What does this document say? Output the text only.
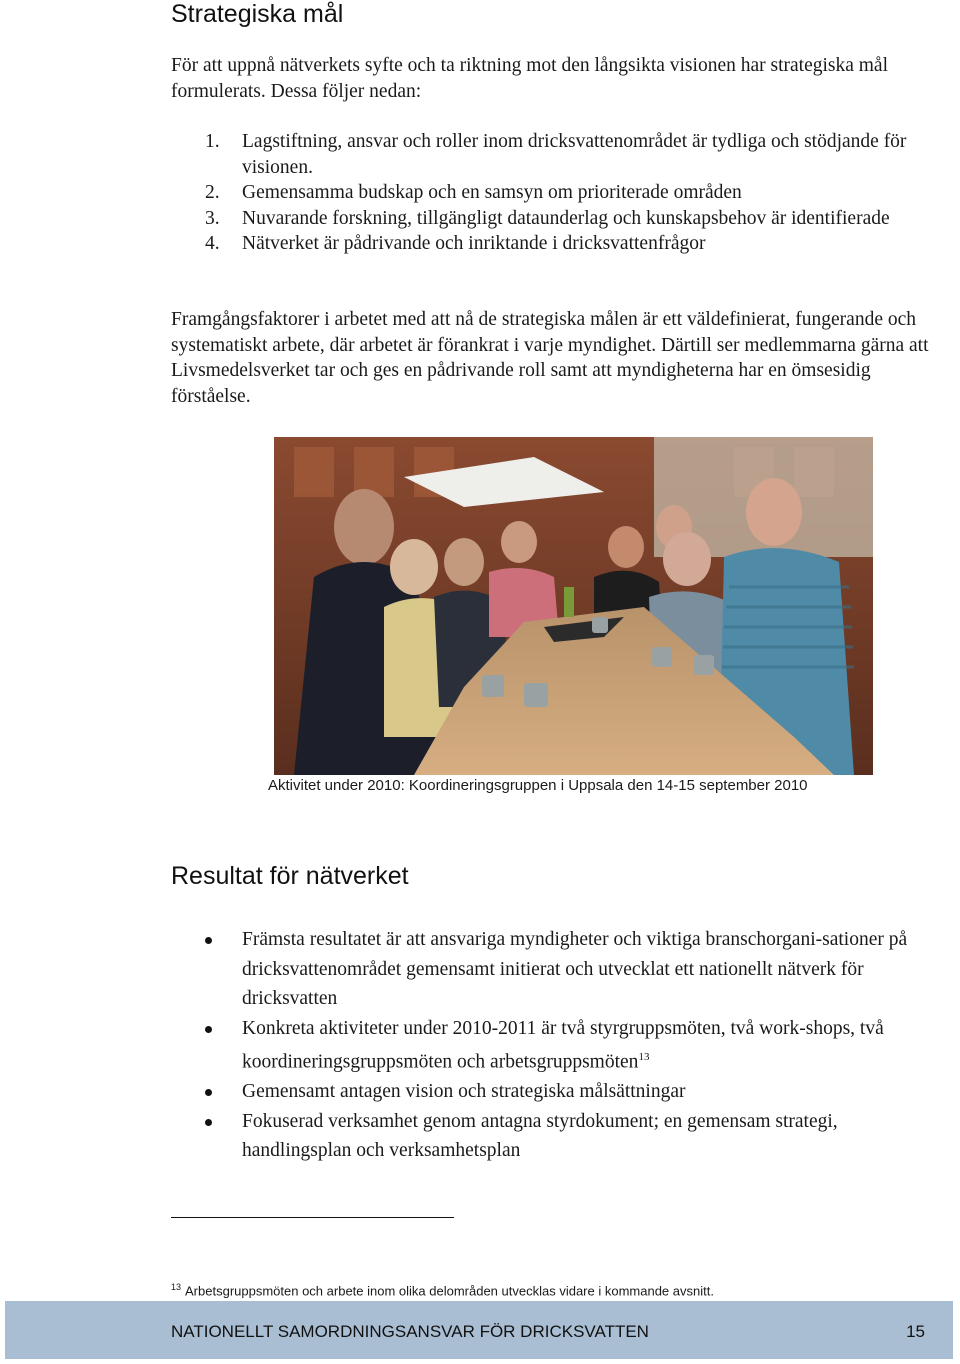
Strategiska mål

För att uppnå nätverkets syfte och ta riktning mot den långsikta visionen har strategiska mål formulerats. Dessa följer nedan:

1. Lagstiftning, ansvar och roller inom dricksvattenområdet är tydliga och stödjande för visionen.
2. Gemensamma budskap och en samsyn om prioriterade områden
3. Nuvarande forskning, tillgängligt dataunderlag och kunskapsbehov är identifierade
4. Nätverket är pådrivande och inriktande i dricksvattenfrågor

Framgångsfaktorer i arbetet med att nå de strategiska målen är ett väldefinierat, fungerande och systematiskt arbete, där arbetet är förankrat i varje myndighet. Därtill ser medlemmarna gärna att Livsmedelsverket tar och ges en pådrivande roll samt att myndigheterna har en ömsesidig förståelse.

Aktivitet under 2010: Koordineringsgruppen i Uppsala den 14-15 september 2010
Resultat för nätverket
Främsta resultatet är att ansvariga myndigheter och viktiga branschorgani-sationer på dricksvattenområdet gemensamt initierat och utvecklat ett nationellt nätverk för dricksvatten
Konkreta aktiviteter under 2010-2011 är två styrgruppsmöten, två work-shops, två koordineringsgruppsmöten och arbetsgruppsmöten$^{13}$
Gemensamt antagen vision och strategiska målsättningar
Fokuserad verksamhet genom antagna styrdokument; en gemensam strategi, handlingsplan och verksamhetsplan
$^{13}$ Arbetsgruppsmöten och arbete inom olika delområden utvecklas vidare i kommande avsnitt.
NATIONELLT SAMORDNINGSANSVAR FÖR DRICKSVATTEN	15
